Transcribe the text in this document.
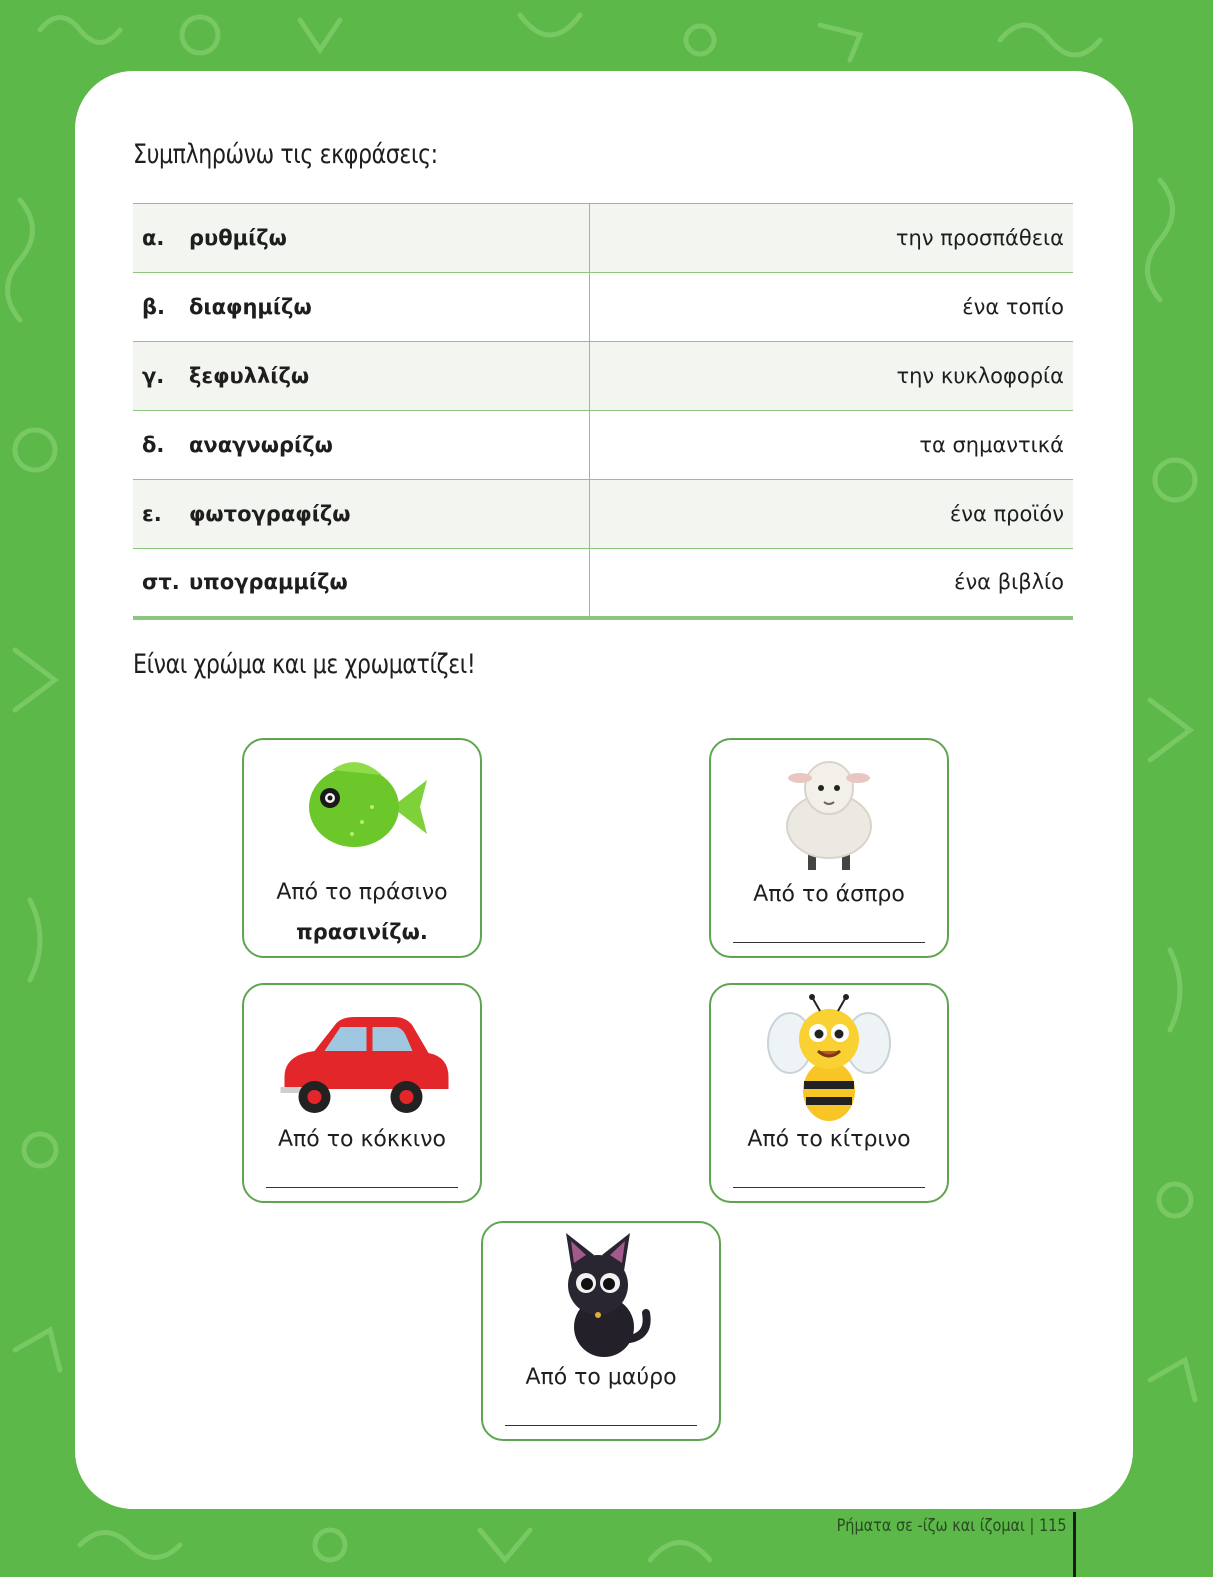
Συμπληρώνω τις εκφράσεις:
α.	ρυθμίζω	την προσπάθεια
β.	διαφημίζω	ένα τοπίο
γ.	ξεφυλλίζω	την κυκλοφορία
δ.	αναγνωρίζω	τα σημαντικά
ε.	φωτογραφίζω	ένα προϊόν
στ.	υπογραμμίζω	ένα βιβλίο
Είναι χρώμα και με χρωματίζει!
Από το πράσινο
πρασινίζω.
Από το άσπρο
Από το κόκκινο	Από το κίτρινο
Από το μαύρο
Ρήματα σε -ίζω και ίζομαι | 115
